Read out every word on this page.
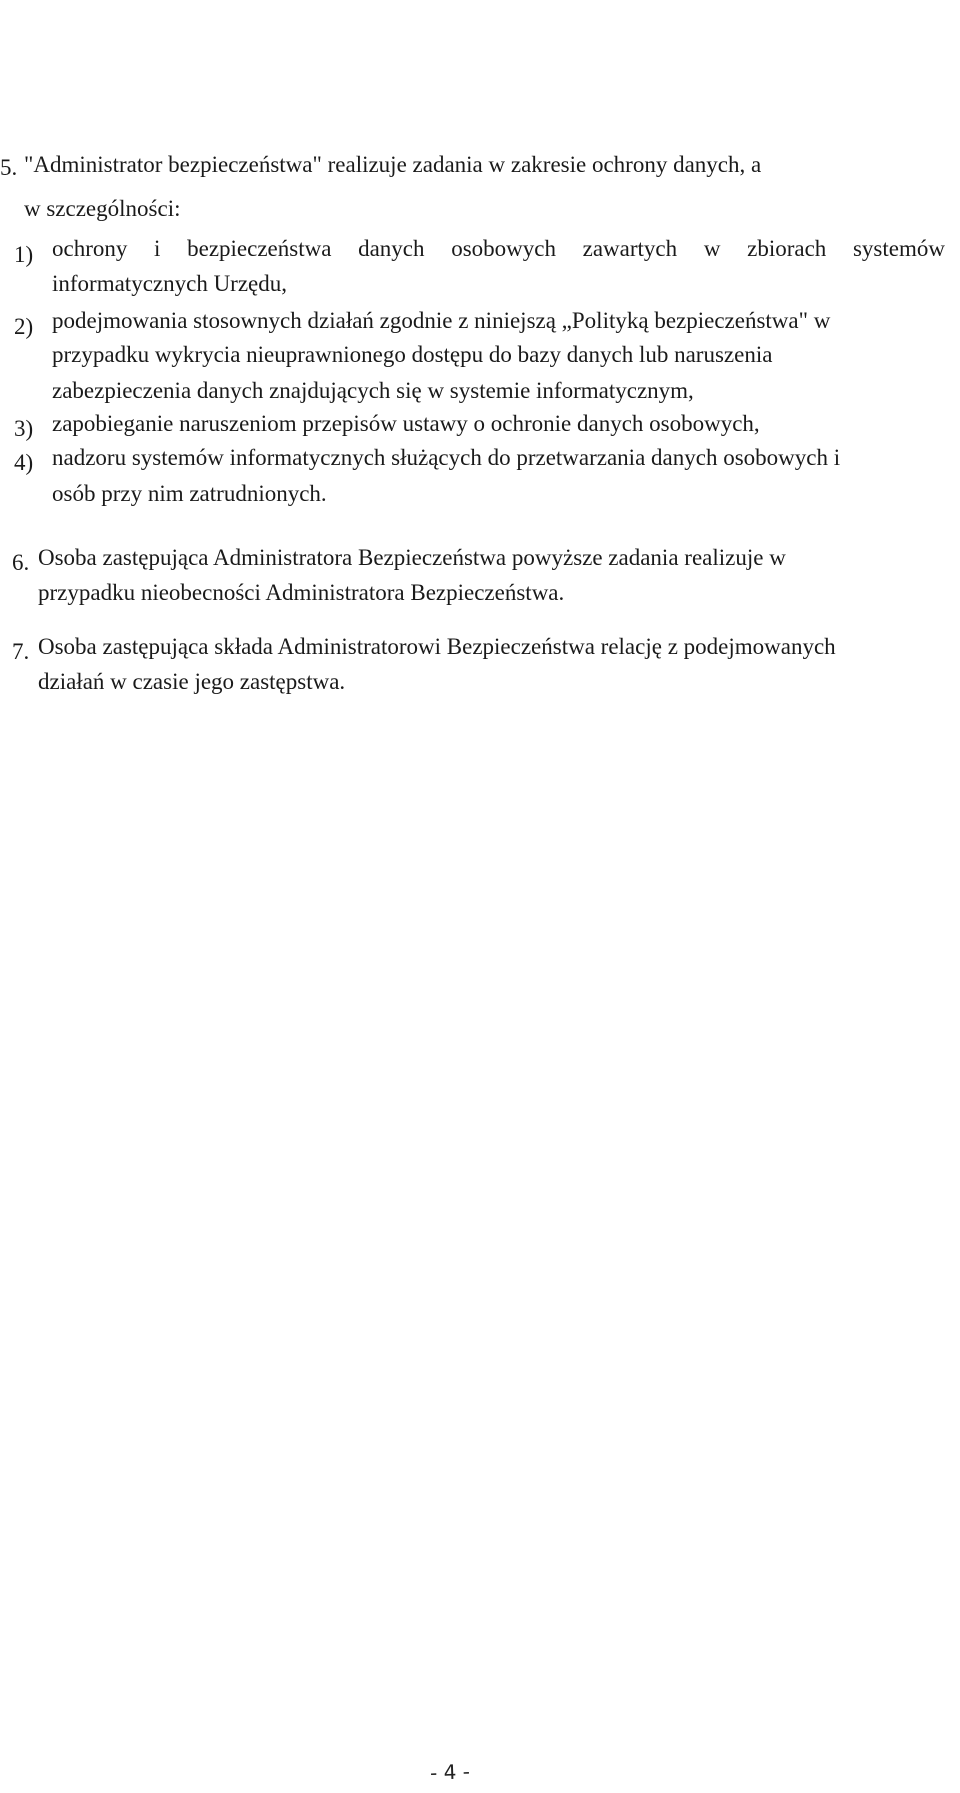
5. "Administrator bezpieczeństwa" realizuje zadania w zakresie ochrony danych, a
w szczególności:
1) ochrony i bezpieczeństwa danych osobowych zawartych w zbiorach systemów
informatycznych Urzędu,
2) podejmowania stosownych działań zgodnie z niniejszą „Polityką bezpieczeństwa" w
przypadku wykrycia nieuprawnionego dostępu do bazy danych lub naruszenia
zabezpieczenia danych znajdujących się w systemie informatycznym,
3) zapobieganie naruszeniom przepisów ustawy o ochronie danych osobowych,
4) nadzoru systemów informatycznych służących do przetwarzania danych osobowych i
osób przy nim zatrudnionych.
6. Osoba zastępująca Administratora Bezpieczeństwa powyższe zadania realizuje w
przypadku nieobecności Administratora Bezpieczeństwa.
7. Osoba zastępująca składa Administratorowi Bezpieczeństwa relację z podejmowanych
działań w czasie jego zastępstwa.
- 4 -
